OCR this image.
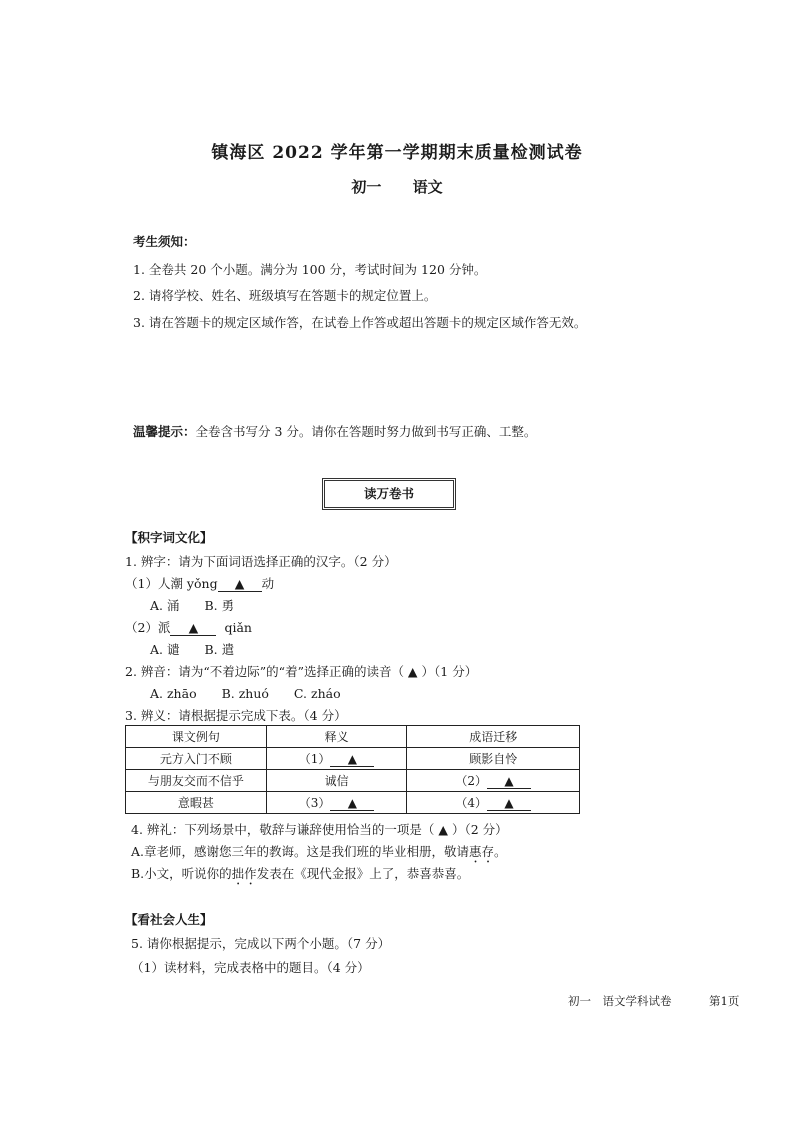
镇海区 2022 学年第一学期期末质量检测试卷
初一 语文
考生须知：
1. 全卷共 20 个小题。满分为 100 分，考试时间为 120 分钟。
2. 请将学校、姓名、班级填写在答题卡的规定位置上。
3. 请在答题卡的规定区域作答，在试卷上作答或超出答题卡的规定区域作答无效。
温馨提示：全卷含书写分 3 分。请你在答题时努力做到书写正确、工整。
读万卷书
【积字词文化】
1. 辨字：请为下面词语选择正确的汉字。（2 分）
（1）人潮 yǒng ▲ 动
A. 涌　　B. 勇
（2）派 ▲ qiǎn
A. 谴　　B. 遣
2. 辨音：请为“不着边际”的“着”选择正确的读音（ ▲ ）（1 分）
A. zhāo　　B. zhuó　　C. zháo
3. 辨义：请根据提示完成下表。（4 分）
课文例句	释义	成语迁移
元方入门不顾	（1） ▲	顾影自怜
与朋友交而不信乎	诚信	（2） ▲
意暇甚	（3） ▲	（4） ▲
4. 辨礼：下列场景中，敬辞与谦辞使用恰当的一项是（ ▲ ）（2 分）
A.章老师，感谢您三年的教诲。这是我们班的毕业相册，敬请惠存。
B.小文，听说你的拙作发表在《现代金报》上了，恭喜恭喜。
【看社会人生】
5. 请你根据提示，完成以下两个小题。（7 分）
（1）读材料，完成表格中的题目。（4 分）
初一　语文学科试卷	第1页
